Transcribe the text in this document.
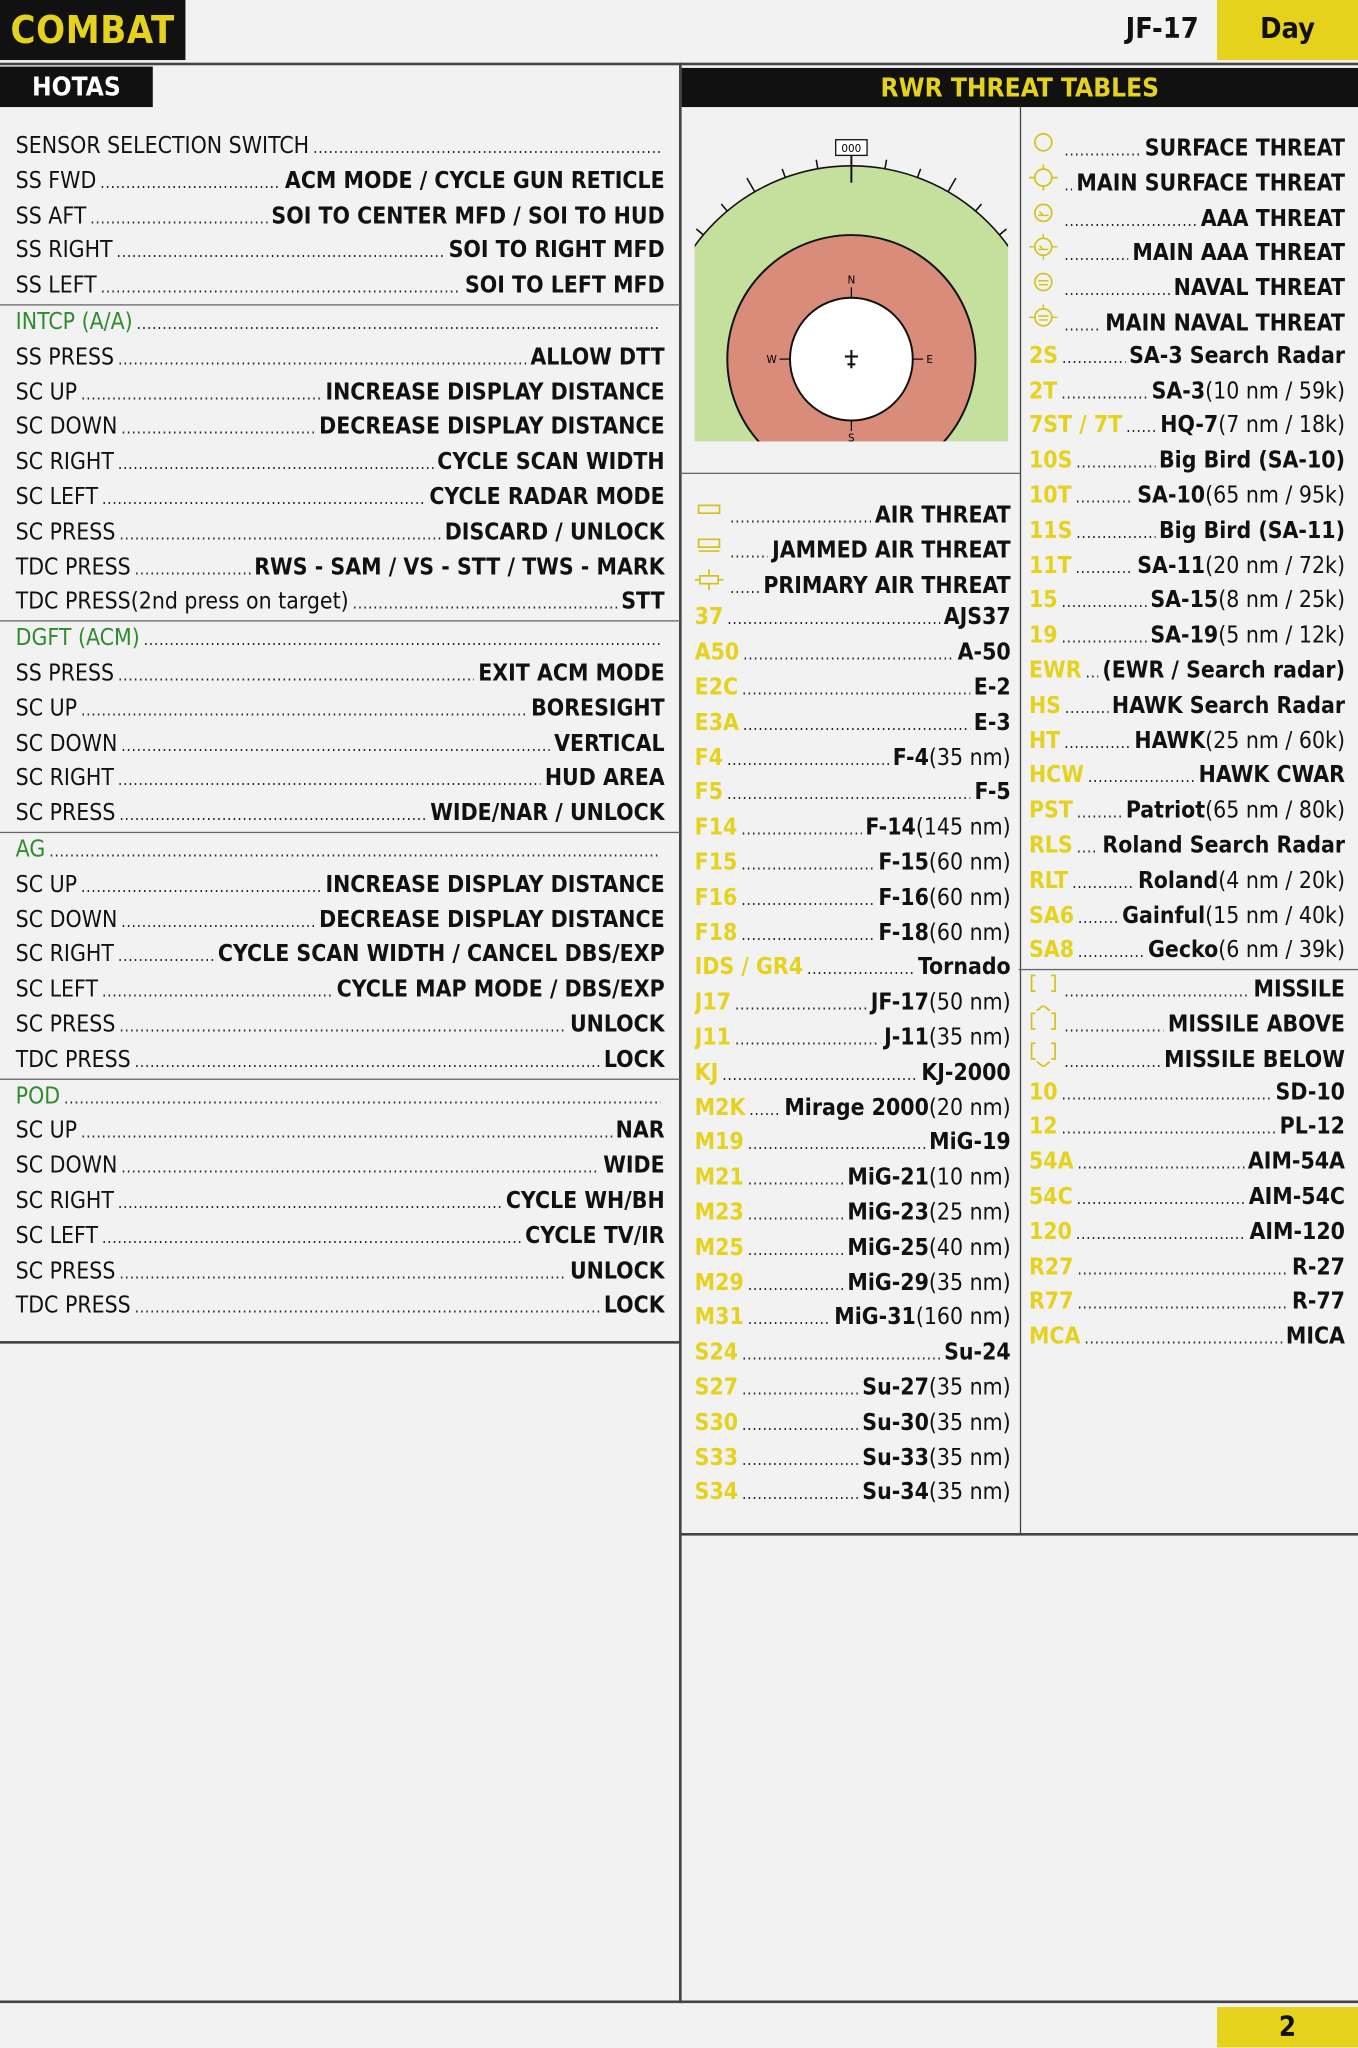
COMBAT	JF-17	Day
HOTAS
SENSOR SELECTION SWITCH
.....
SS FWD .....	ACM MODE / CYCLE GUN RETICLE
SS AFT .....	SOI TO CENTER MFD / SOI TO HUD
SS RIGHT .....	SOI TO RIGHT MFD
SS LEFT .....	SOI TO LEFT MFD
INTCP (A/A)
.....
SS PRESS .....	ALLOW DTT
SC UP .....	INCREASE DISPLAY DISTANCE
SC DOWN .....	DECREASE DISPLAY DISTANCE
SC RIGHT .....	CYCLE SCAN WIDTH
SC LEFT .....	CYCLE RADAR MODE
SC PRESS .....	DISCARD / UNLOCK
TDC PRESS .....	RWS - SAM / VS - STT / TWS - MARK
TDC PRESS (2nd press on target) .....	STT
DGFT (ACM)
.....
SS PRESS .....	EXIT ACM MODE
SC UP .....	BORESIGHT
SC DOWN .....	VERTICAL
SC RIGHT .....	HUD AREA
SC PRESS .....	WIDE/NAR / UNLOCK
AG
.....
SC UP .....	INCREASE DISPLAY DISTANCE
SC DOWN .....	DECREASE DISPLAY DISTANCE
SC RIGHT .....	CYCLE SCAN WIDTH / CANCEL DBS/EXP
SC LEFT .....	CYCLE MAP MODE / DBS/EXP
SC PRESS .....	UNLOCK
TDC PRESS .....	LOCK
POD
.....
SC UP .....	NAR
SC DOWN .....	WIDE
SC RIGHT .....	CYCLE WH/BH
SC LEFT .....	CYCLE TV/IR
SC PRESS .....	UNLOCK
TDC PRESS .....	LOCK
RWR THREAT TABLES
000
N
S
E
W
.....
AIR THREAT
.....
JAMMED AIR THREAT
.....
PRIMARY AIR THREAT
37 .....	AJS37
A50 .....	A-50
E2C .....	E-2
E3A .....	E-3
F4 .....	F-4 (35 nm)
F5 .....	F-5
F14 .....	F-14 (145 nm)
F15 .....	F-15 (60 nm)
F16 .....	F-16 (60 nm)
F18 .....	F-18 (60 nm)
IDS / GR4 .....	Tornado
J17 .....	JF-17 (50 nm)
J11 .....	J-11 (35 nm)
KJ .....	KJ-2000
M2K ..... Mirage 2000 (20 nm)
M19 .....	MiG-19
M21 .....	MiG-21 (10 nm)
M23 .....	MiG-23 (25 nm)
M25 .....	MiG-25 (40 nm)
M29 .....	MiG-29 (35 nm)
M31 .....	MiG-31 (160 nm)
S24 .....	Su-24
S27 .....	Su-27 (35 nm)
S30 .....	Su-30 (35 nm)
S33 .....	Su-33 (35 nm)
S34 .....	Su-34 (35 nm)
.....
SURFACE THREAT
.....
MAIN SURFACE THREAT
.....
AAA THREAT
.....
MAIN AAA THREAT
.....
NAVAL THREAT
.....
MAIN NAVAL THREAT
2S .....	SA-3 Search Radar
2T .....	SA-3 (10 nm / 59k)
7ST / 7T ..... HQ-7 (7 nm / 18k)
10S .....	Big Bird (SA-10)
10T .....	SA-10 (65 nm / 95k)
11S .....	Big Bird (SA-11)
11T .....	SA-11 (20 nm / 72k)
15 .....	SA-15 (8 nm / 25k)
19 .....	SA-19 (5 nm / 12k)
EWR ..... (EWR / Search radar)
HS .....	HAWK Search Radar
HT .....	HAWK (25 nm / 60k)
HCW .....	HAWK CWAR
PST .....	Patriot (65 nm / 80k)
RLS ..... Roland Search Radar
RLT .....	Roland (4 nm / 20k)
SA6 .....	Gainful (15 nm / 40k)
SA8 .....	Gecko (6 nm / 39k)
.....
MISSILE
.....
MISSILE ABOVE
.....
MISSILE BELOW
10 .....	SD-10
12 .....	PL-12
54A .....	AIM-54A
54C .....	AIM-54C
120 .....	AIM-120
R27 .....	R-27
R77 .....	R-77
MCA .....	MICA
2
